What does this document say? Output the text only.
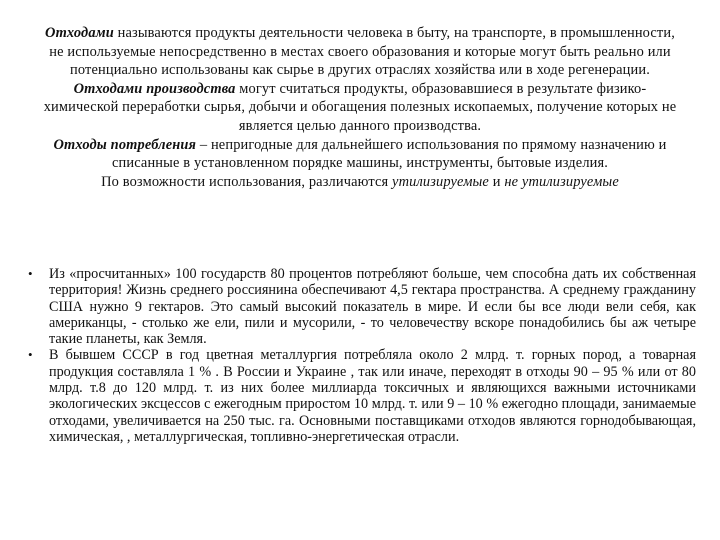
Отходами называются продукты деятельности человека в быту, на транспорте, в промышленности, не используемые непосредственно в местах своего образования и которые могут быть реально или потенциально использованы как сырье в других отраслях хозяйства или в ходе регенерации.

Отходами производства могут считаться продукты, образовавшиеся в результате физико-химической переработки сырья, добычи и обогащения полезных ископаемых, получение которых не является целью данного производства.

Отходы потребления – непригодные для дальнейшего использования по прямому назначению и списанные в установленном порядке машины, инструменты, бытовые изделия.

По возможности использования, различаются утилизируемые и не утилизируемые

• Из «просчитанных» 100 государств 80 процентов потребляют больше, чем способна дать их собственная территория! Жизнь среднего россиянина обеспечивают 4,5 гектара пространства. А среднему гражданину США нужно 9 гектаров. Это самый высокий показатель в мире. И если бы все люди вели себя, как американцы, - столько же ели, пили и мусорили, - то человечеству вскоре понадобились бы аж четыре такие планеты, как Земля.
• В бывшем СССР в год цветная металлургия потребляла около 2 млрд. т. горных пород, а товарная продукция составляла 1 % . В России и Украине , так или иначе, переходят в отходы 90 – 95 % или от 80 млрд. т.8 до 120 млрд. т. из них более миллиарда токсичных и являющихся важными источниками экологических эксцессов с ежегодным приростом 10 млрд. т. или 9 – 10 % ежегодно площади, занимаемые отходами, увеличивается на 250 тыс. га. Основными поставщиками отходов являются горнодобывающая, химическая, , металлургическая, топливно-энергетическая отрасли.
